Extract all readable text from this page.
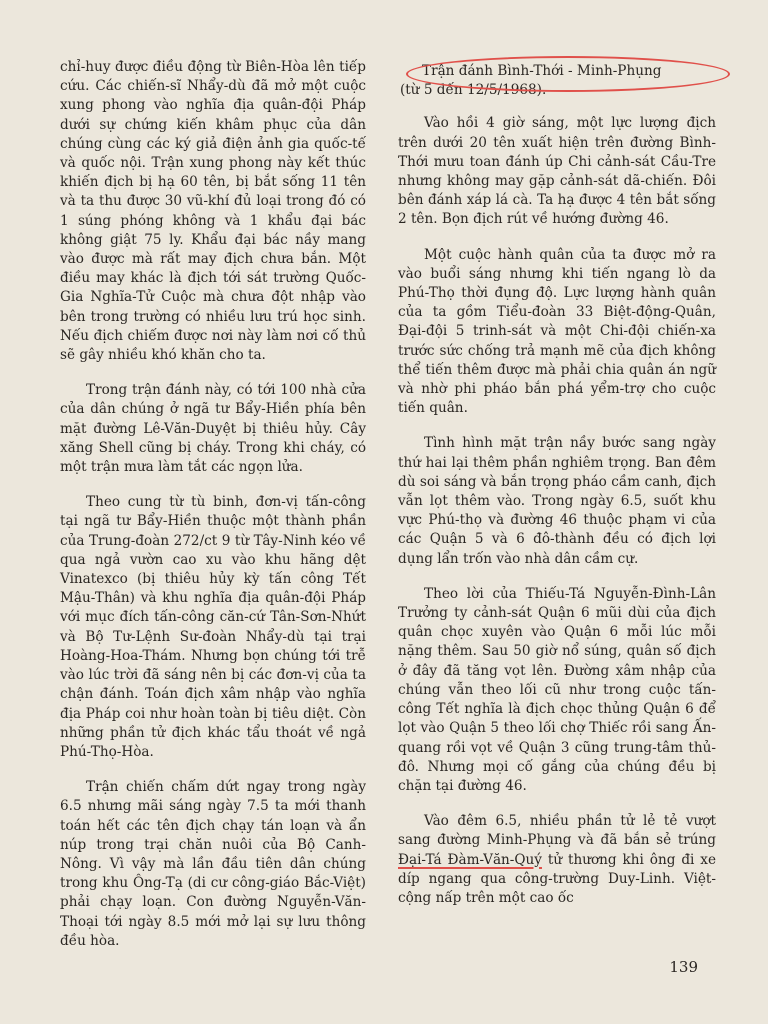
chỉ-huy được điều động từ Biên-Hòa lên tiếp cứu. Các chiến-sĩ Nhẩy-dù đã mở một cuộc xung phong vào nghĩa địa quân-đội Pháp dưới sự chứng kiến khâm phục của dân chúng cùng các ký giả điện ảnh gia quốc-tế và quốc nội. Trận xung phong này kết thúc khiến địch bị hạ 60 tên, bị bắt sống 11 tên và ta thu được 30 vũ-khí đủ loại trong đó có 1 súng phóng không và 1 khẩu đại bác không giật 75 ly. Khẩu đại bác nầy mang vào được mà rất may địch chưa bắn. Một điều may khác là địch tới sát trường Quốc-Gia Nghĩa-Tử Cuộc mà chưa đột nhập vào bên trong trường có nhiều lưu trú học sinh. Nếu địch chiếm được nơi này làm nơi cố thủ sẽ gây nhiều khó khăn cho ta.

Trong trận đánh này, có tới 100 nhà cửa của dân chúng ở ngã tư Bẩy-Hiền phía bên mặt đường Lê-Văn-Duyệt bị thiêu hủy. Cây xăng Shell cũng bị cháy. Trong khi cháy, có một trận mưa làm tắt các ngọn lửa.

Theo cung từ tù binh, đơn-vị tấn-công tại ngã tư Bẩy-Hiền thuộc một thành phần của Trung-đoàn 272/ct 9 từ Tây-Ninh kéo về qua ngả vườn cao xu vào khu hãng dệt Vinatexco (bị thiêu hủy kỳ tấn công Tết Mậu-Thân) và khu nghĩa địa quân-đội Pháp với mục đích tấn-công căn-cứ Tân-Sơn-Nhứt và Bộ Tư-Lệnh Sư-đoàn Nhẩy-dù tại trại Hoàng-Hoa-Thám. Nhưng bọn chúng tới trễ vào lúc trời đã sáng nên bị các đơn-vị của ta chận đánh. Toán địch xâm nhập vào nghĩa địa Pháp coi như hoàn toàn bị tiêu diệt. Còn những phần tử địch khác tẩu thoát về ngả Phú-Thọ-Hòa.

Trận chiến chấm dứt ngay trong ngày 6.5 nhưng mãi sáng ngày 7.5 ta mới thanh toán hết các tên địch chạy tán loạn và ẩn núp trong trại chăn nuôi của Bộ Canh-Nông. Vì vậy mà lần đầu tiên dân chúng trong khu Ông-Tạ (di cư công-giáo Bắc-Việt) phải chạy loạn. Con đường Nguyễn-Văn-Thoại tới ngày 8.5 mới mở lại sự lưu thông đều hòa.

Trận đánh Bình-Thới - Minh-Phụng
(từ 5 đến 12/5/1968).

Vào hồi 4 giờ sáng, một lực lượng địch trên dưới 20 tên xuất hiện trên đường Bình-Thới mưu toan đánh úp Chi cảnh-sát Cầu-Tre nhưng không may gặp cảnh-sát dã-chiến. Đôi bên đánh xáp lá cà. Ta hạ được 4 tên bắt sống 2 tên. Bọn địch rút về hướng đường 46.

Một cuộc hành quân của ta được mở ra vào buổi sáng nhưng khi tiến ngang lò da Phú-Thọ thời đụng độ. Lực lượng hành quân của ta gồm Tiểu-đoàn 33 Biệt-động-Quân, Đại-đội 5 trinh-sát và một Chi-đội chiến-xa trước sức chống trả mạnh mẽ của địch không thể tiến thêm được mà phải chia quân án ngữ và nhờ phi pháo bắn phá yểm-trợ cho cuộc tiến quân.

Tình hình mặt trận nầy bước sang ngày thứ hai lại thêm phần nghiêm trọng. Ban đêm dù soi sáng và bắn trọng pháo cầm canh, địch vẫn lọt thêm vào. Trong ngày 6.5, suốt khu vực Phú-thọ và đường 46 thuộc phạm vi của các Quận 5 và 6 đô-thành đều có địch lợi dụng lẩn trốn vào nhà dân cầm cự.

Theo lời của Thiếu-Tá Nguyễn-Đình-Lân Trưởng ty cảnh-sát Quận 6 mũi dùi của địch quân chọc xuyên vào Quận 6 mỗi lúc mỗi nặng thêm. Sau 50 giờ nổ súng, quân số địch ở đây đã tăng vọt lên. Đường xâm nhập của chúng vẫn theo lối cũ như trong cuộc tấn-công Tết nghĩa là địch chọc thủng Quận 6 để lọt vào Quận 5 theo lối chợ Thiếc rồi sang Ấn-quang rồi vọt về Quận 3 cũng trung-tâm thủ-đô. Nhưng mọi cố gắng của chúng đều bị chặn tại đường 46.

Vào đêm 6.5, nhiều phần tử lẻ tẻ vượt sang đường Minh-Phụng và đã bắn sẻ trúng Đại-Tá Đàm-Văn-Quý tử thương khi ông đi xe díp ngang qua công-trường Duy-Linh. Việt-cộng nấp trên một cao ốc

139
